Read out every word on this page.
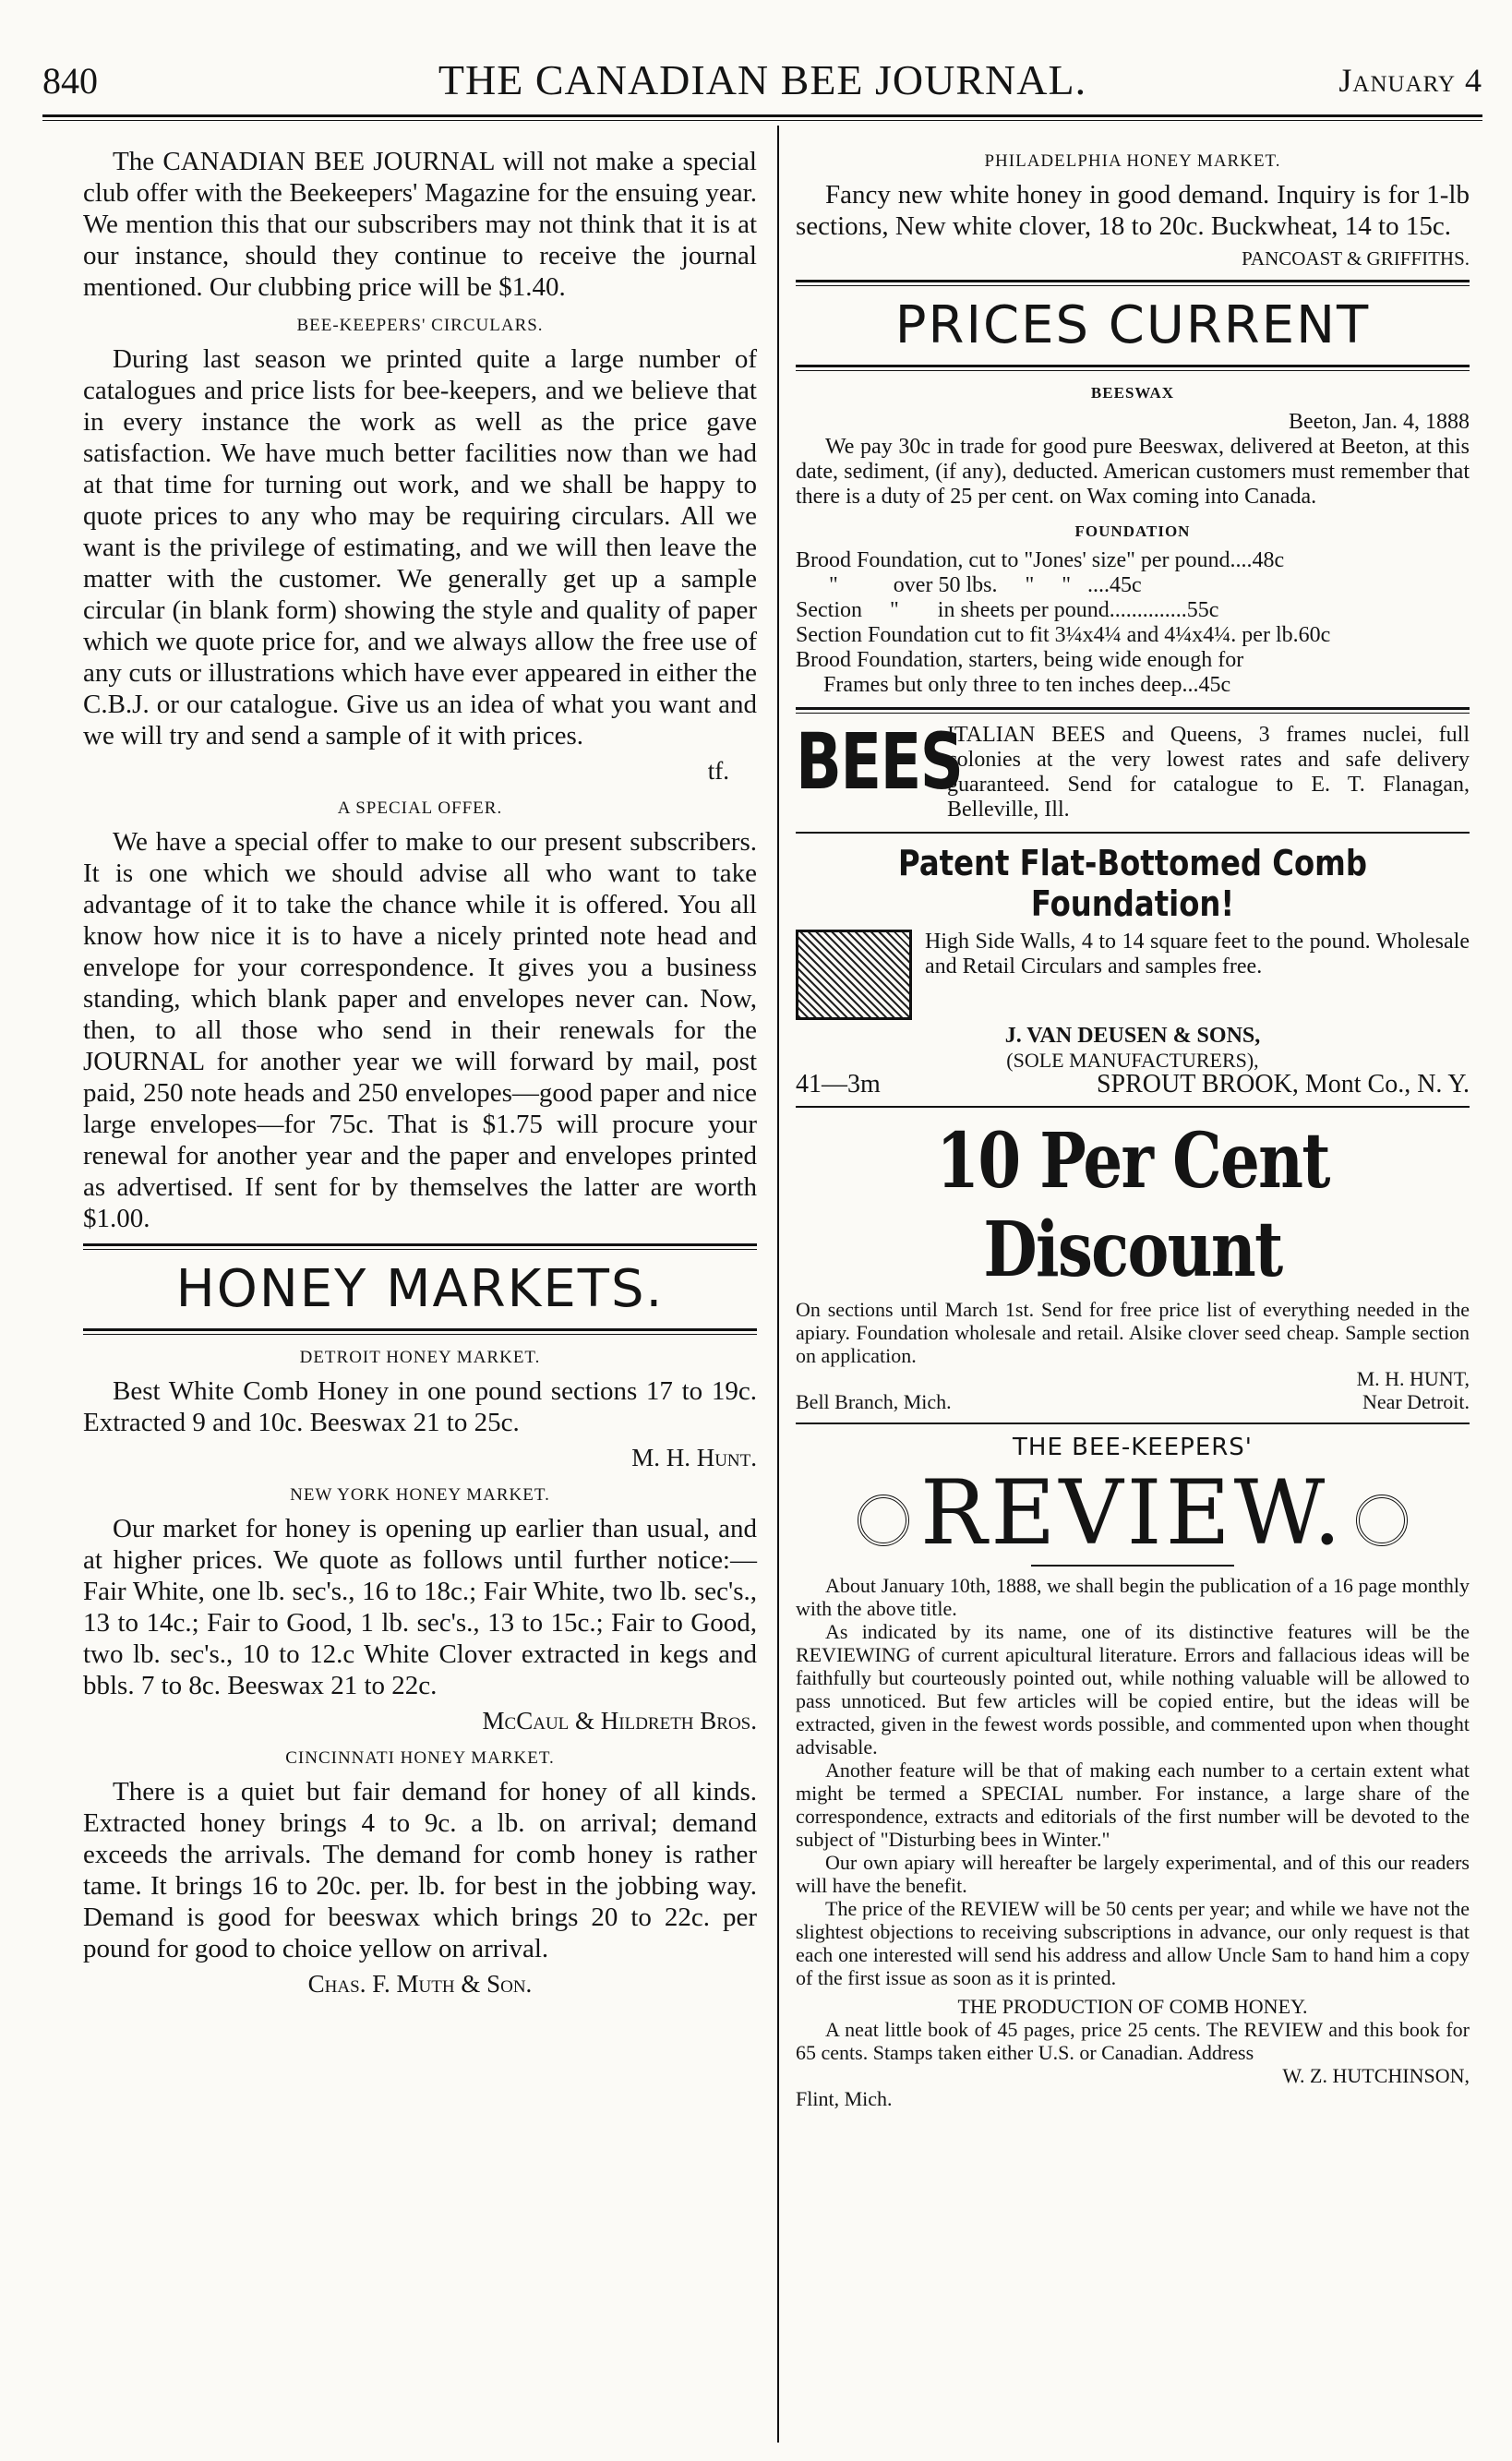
840	THE CANADIAN BEE JOURNAL.	January 4

The CANADIAN BEE JOURNAL will not make a special club offer with the Beekeepers' Magazine for the ensuing year. We mention this that our subscribers may not think that it is at our instance, should they continue to receive the journal mentioned. Our clubbing price will be $1.40.

BEE-KEEPERS' CIRCULARS.

During last season we printed quite a large number of catalogues and price lists for bee-keepers, and we believe that in every instance the work as well as the price gave satisfaction. We have much better facilities now than we had at that time for turning out work, and we shall be happy to quote prices to any who may be requiring circulars. All we want is the privilege of estimating, and we will then leave the matter with the customer. We generally get up a sample circular (in blank form) showing the style and quality of paper which we quote price for, and we always allow the free use of any cuts or illustrations which have ever appeared in either the C.B.J. or our catalogue. Give us an idea of what you want and we will try and send a sample of it with prices.

tf.
A SPECIAL OFFER.

We have a special offer to make to our present subscribers. It is one which we should advise all who want to take advantage of it to take the chance while it is offered. You all know how nice it is to have a nicely printed note head and envelope for your correspondence. It gives you a business standing, which blank paper and envelopes never can. Now, then, to all those who send in their renewals for the JOURNAL for another year we will forward by mail, post paid, 250 note heads and 250 envelopes—good paper and nice large envelopes—for 75c. That is $1.75 will procure your renewal for another year and the paper and envelopes printed as advertised. If sent for by themselves the latter are worth $1.00.

HONEY MARKETS.
DETROIT HONEY MARKET.

Best White Comb Honey in one pound sections 17 to 19c. Extracted 9 and 10c. Beeswax 21 to 25c.

M. H. Hunt.
NEW YORK HONEY MARKET.

Our market for honey is opening up earlier than usual, and at higher prices. We quote as follows until further notice:—Fair White, one lb. sec's., 16 to 18c.; Fair White, two lb. sec's., 13 to 14c.; Fair to Good, 1 lb. sec's., 13 to 15c.; Fair to Good, two lb. sec's., 10 to 12.c White Clover extracted in kegs and bbls. 7 to 8c. Beeswax 21 to 22c.

McCaul & Hildreth Bros.
CINCINNATI HONEY MARKET.

There is a quiet but fair demand for honey of all kinds. Extracted honey brings 4 to 9c. a lb. on arrival; demand exceeds the arrivals. The demand for comb honey is rather tame. It brings 16 to 20c. per. lb. for best in the jobbing way. Demand is good for beeswax which brings 20 to 22c. per pound for good to choice yellow on arrival.

Chas. F. Muth & Son.
PHILADELPHIA HONEY MARKET.

Fancy new white honey in good demand. Inquiry is for 1-lb sections, New white clover, 18 to 20c. Buckwheat, 14 to 15c.

PANCOAST & GRIFFITHS.
PRICES CURRENT
BEESWAX
Beeton, Jan. 4, 1888

We pay 30c in trade for good pure Beeswax, delivered at Beeton, at this date, sediment, (if any), deducted. American customers must remember that there is a duty of 25 per cent. on Wax coming into Canada.

FOUNDATION
Brood Foundation, cut to "Jones' size" per pound....48c
"          over 50 lbs.     "     "   ....45c
Section     "       in sheets per pound..............55c
Section Foundation cut to fit 3¼x4¼ and 4¼x4¼. per lb.60c
Brood Foundation, starters, being wide enough for
Frames but only three to ten inches deep...45c
BEES

ITALIAN BEES and Queens, 3 frames nuclei, full colonies at the very lowest rates and safe delivery guaranteed. Send for catalogue to E. T. Flanagan, Belleville, Ill.

Patent Flat-Bottomed Comb Foundation!

High Side Walls, 4 to 14 square feet to the pound. Wholesale and Retail Circulars and samples free.

J. VAN DEUSEN & SONS,
(SOLE MANUFACTURERS),
41—3m	SPROUT BROOK, Mont Co., N. Y.
10 Per Cent Discount

On sections until March 1st. Send for free price list of everything needed in the apiary. Foundation wholesale and retail. Alsike clover seed cheap. Sample section on application.

M. H. HUNT,
Bell Branch, Mich.	Near Detroit.
THE BEE-KEEPERS'
REVIEW.

About January 10th, 1888, we shall begin the publication of a 16 page monthly with the above title.

As indicated by its name, one of its distinctive features will be the REVIEWING of current apicultural literature. Errors and fallacious ideas will be faithfully but courteously pointed out, while nothing valuable will be allowed to pass unnoticed. But few articles will be copied entire, but the ideas will be extracted, given in the fewest words possible, and commented upon when thought advisable.

Another feature will be that of making each number to a certain extent what might be termed a SPECIAL number. For instance, a large share of the correspondence, extracts and editorials of the first number will be devoted to the subject of "Disturbing bees in Winter."

Our own apiary will hereafter be largely experimental, and of this our readers will have the benefit.

The price of the REVIEW will be 50 cents per year; and while we have not the slightest objections to receiving subscriptions in advance, our only request is that each one interested will send his address and allow Uncle Sam to hand him a copy of the first issue as soon as it is printed.

THE PRODUCTION OF COMB HONEY.

A neat little book of 45 pages, price 25 cents. The REVIEW and this book for 65 cents. Stamps taken either U.S. or Canadian. Address

W. Z. HUTCHINSON,
Flint, Mich.
